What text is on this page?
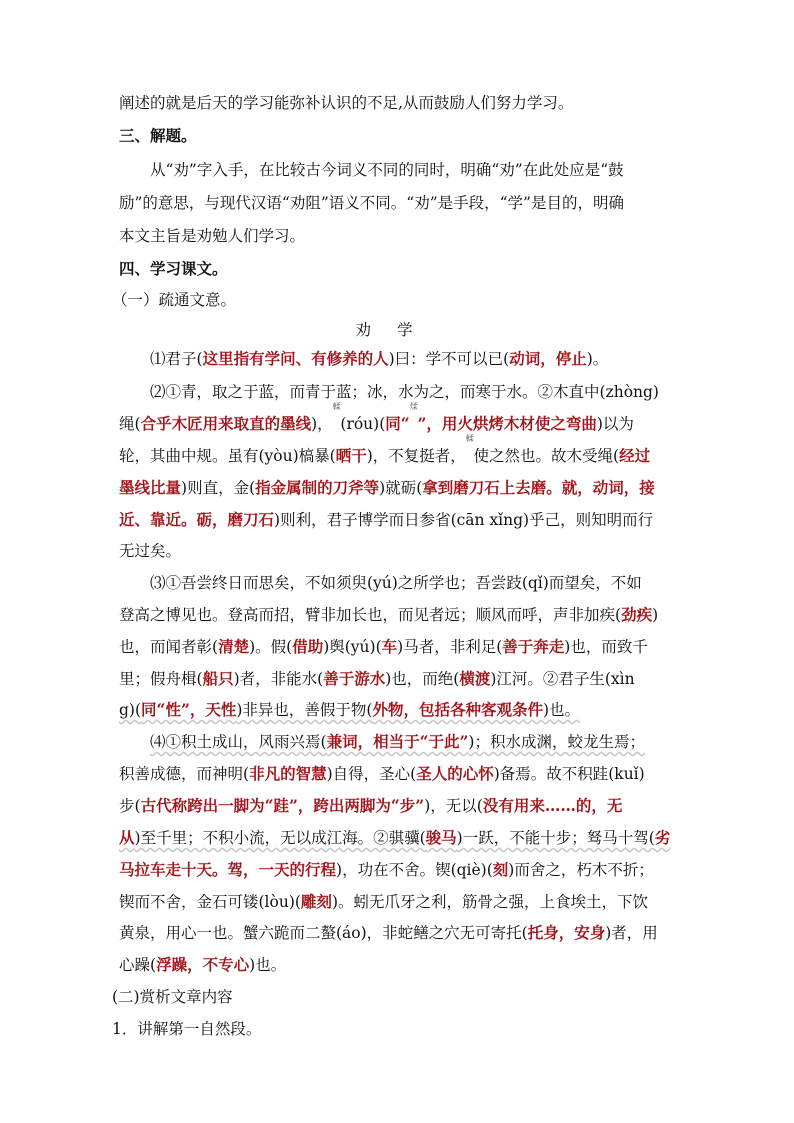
阐述的就是后天的学习能弥补认识的不足,从而鼓励人们努力学习。
三、解题。
从“劝”字入手，在比较古今词义不同的同时，明确“劝”在此处应是“鼓
励”的意思，与现代汉语“劝阻”语义不同。“劝”是手段，“学”是目的，明确
本文主旨是劝勉人们学习。
四、学习课文。
（一）疏通文意。
劝学
⑴君子(这里指有学问、有修养的人)曰：学不可以已(动词，停止)。
⑵①青，取之于蓝，而青于蓝；冰，水为之，而寒于水。②木直中(zhòng)
绳(合乎木匠用来取直的墨线)，
輮
 (róu)(同“
煣
 ”，用火烘烤木材使之弯曲)以为
轮，其曲中规。虽有(yòu)槁暴(晒干)，不复挺者，
輮
 使之然也。故木受绳(经过
墨线比量)则直，金(指金属制的刀斧等)就砺(拿到磨刀石上去磨。就，动词，接
近、靠近。砺，磨刀石)则利，君子博学而日参省(cān xǐng)乎己，则知明而行
无过矣。
⑶①吾尝终日而思矣，不如须臾(yú)之所学也；吾尝跂(qǐ)而望矣，不如
登高之博见也。登高而招，臂非加长也，而见者远；顺风而呼，声非加疾(劲疾)
也，而闻者彰(清楚)。假(借助)舆(yú)(车)马者，非利足(善于奔走)也，而致千
里；假舟楫(船只)者，非能水(善于游水)也，而绝(横渡)江河。②君子生(xìn
g)(同“性”，天性)非异也，善假于物(外物，包括各种客观条件)也。
⑷①积土成山，风雨兴焉(兼词，相当于“于此”)；积水成渊，蛟龙生焉；
积善成德，而神明(非凡的智慧)自得，圣心(圣人的心怀)备焉。故不积跬(kuǐ)
步(古代称跨出一脚为“跬”，跨出两脚为“步”)，无以(没有用来……的，无
从)至千里；不积小流，无以成江海。②骐骥(骏马)一跃，不能十步；驽马十驾(劣
马拉车走十天。驾，一天的行程)，功在不舍。锲(qiè)(刻)而舍之，朽木不折；
锲而不舍，金石可镂(lòu)(雕刻)。蚓无爪牙之利，筋骨之强，上食埃土，下饮
黄泉，用心一也。蟹六跪而二螯(áo)，非蛇鳝之穴无可寄托(托身，安身)者，用
心躁(浮躁，不专心)也。
(二)赏析文章内容
1．讲解第一自然段。
